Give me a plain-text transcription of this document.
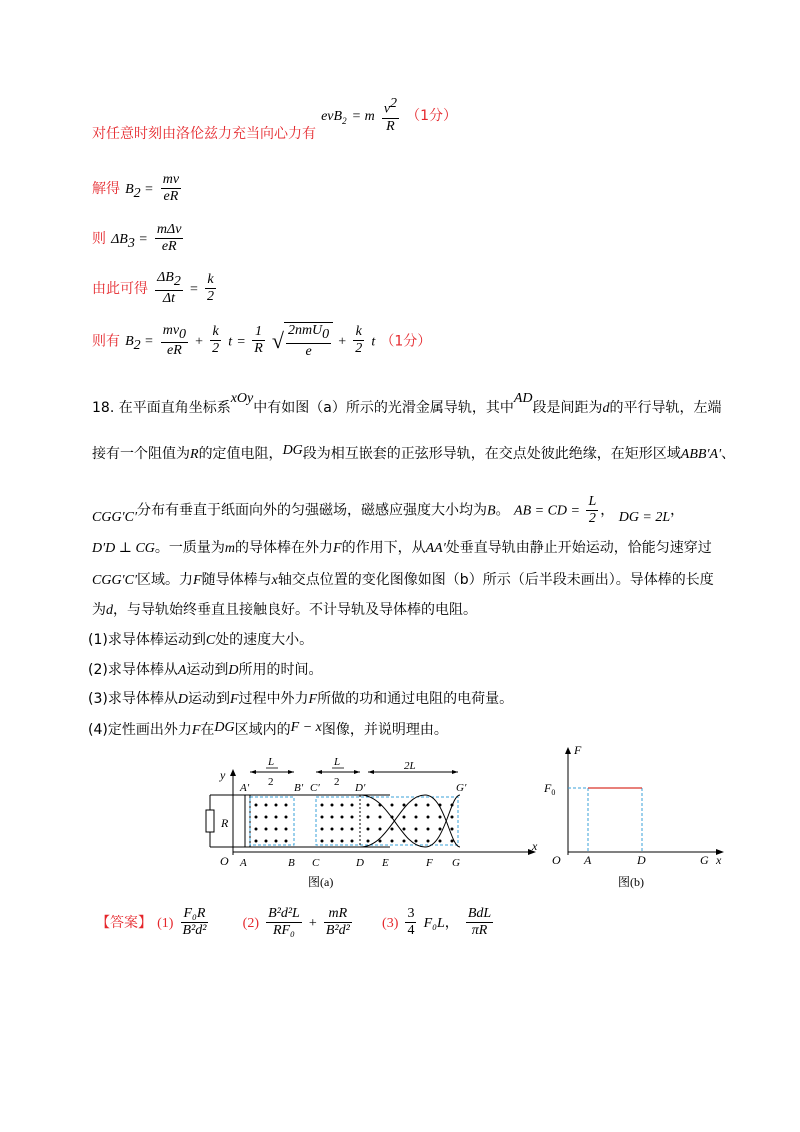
对任意时刻由洛伦兹力充当向心力有 evB$_2$ = m $\frac{v^2}{R} (1$分）
解得 $B_2 = \frac{mv}{eR}$
则 $\Delta B_3 = \frac{\text{mΔv}}{eR}$
由此可得 $\frac{\Delta B_2}{\Delta t} = \frac{k}{2}$
则有 $B_2 = \frac{mv_0}{eR} + \frac{k}{2}$ $t = \frac{1}{R}$ √ $\frac{2nmU_0}{e} + \frac{k}{2}$ t （1分）
18. 在平面直角坐标系xOy中有如图（a）所示的光滑金属导轨，其中AD段是间距为d的平行导轨，左端
接有一个阻值为R的定值电阻，DG段为相互嵌套的正弦形导轨，在交点处彼此绝缘，在矩形区域ABB′A′、
CGG′C′分布有垂直于纸面向外的匀强磁场，磁感应强度大小均为B。 AB = CD = $\frac{L}{2}$ ， DG = 2L，
D′D ⊥ CG。一质量为m的导体棒在外力F的作用下，从AA′处垂直导轨由静止开始运动，恰能匀速穿过
CGG′C′区域。力F随导体棒与x轴交点位置的变化图像如图（b）所示（后半段未画出）。导体棒的长度
为d，与导轨始终垂直且接触良好。不计导轨及导体棒的电阻。
(1)求导体棒运动到C处的速度大小。
(2)求导体棒从A运动到D所用的时间。
(3)求导体棒从D运动到F过程中外力F所做的功和通过电阻的电荷量。
(4)定性画出外力F在DG区域内的F − x图像，并说明理由。
y
x
O
R
L
2
L
2
2L
A′	B′ C′	D′	G′
A	B C	D E	F G
图(a)
F
x
O
$F_0$
A	D	G
图(b)
【答案】 $(1) \frac{\text{F₀R}}{\text{B²d²}} (2) \frac{\text{B²d²L}}{\text{RF₀}} + \frac{mR}{\text{B²d²}} (3) \frac{3}{4} F_0L$， $\frac{\text{BdL}}{\pi R}$
